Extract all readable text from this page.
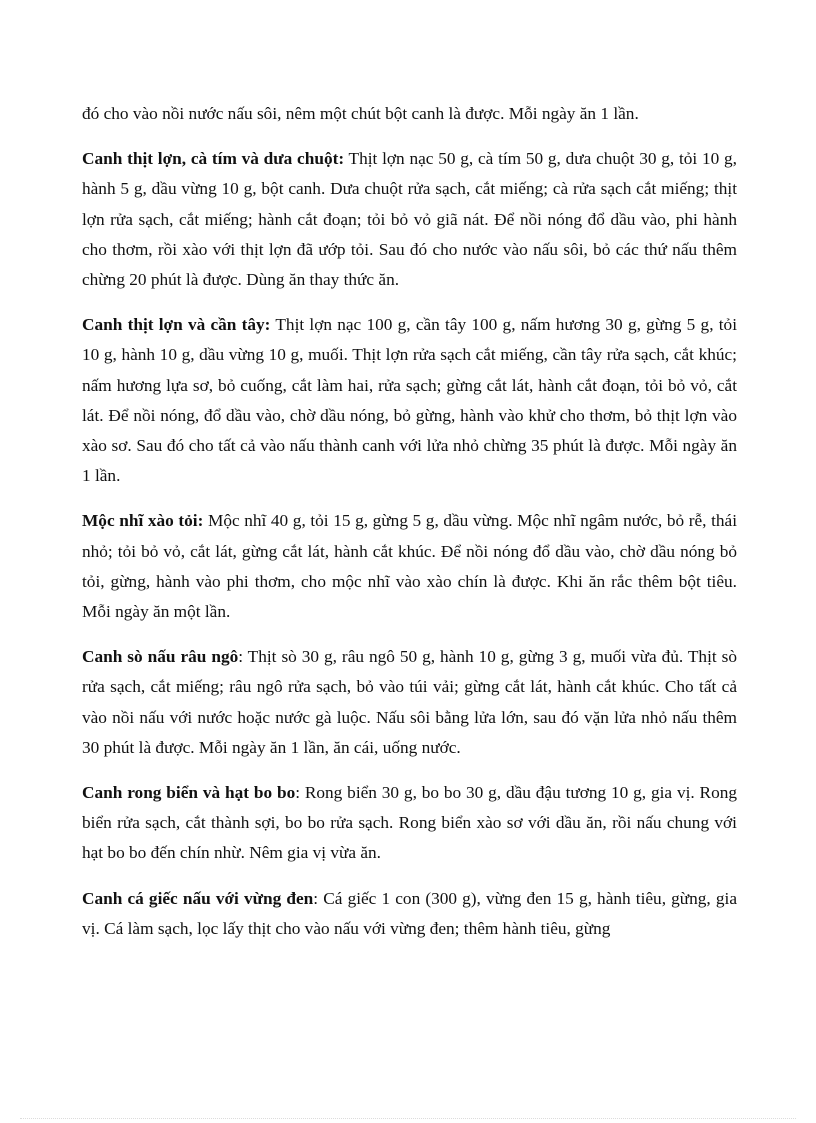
đó cho vào nồi nước nấu sôi, nêm một chút bột canh là được. Mỗi ngày ăn 1 lần.

Canh thịt lợn, cà tím và dưa chuột: Thịt lợn nạc 50 g, cà tím 50 g, dưa chuột 30 g, tỏi 10 g, hành 5 g, dầu vừng 10 g, bột canh. Dưa chuột rửa sạch, cắt miếng; cà rửa sạch cắt miếng; thịt lợn rửa sạch, cắt miếng; hành cắt đoạn; tỏi bỏ vỏ giã nát. Để nồi nóng đổ dầu vào, phi hành cho thơm, rồi xào với thịt lợn đã ướp tỏi. Sau đó cho nước vào nấu sôi, bỏ các thứ nấu thêm chừng 20 phút là được. Dùng ăn thay thức ăn.

Canh thịt lợn và cần tây: Thịt lợn nạc 100 g, cần tây 100 g, nấm hương 30 g, gừng 5 g, tỏi 10 g, hành 10 g, dầu vừng 10 g, muối. Thịt lợn rửa sạch cắt miếng, cần tây rửa sạch, cắt khúc; nấm hương lựa sơ, bỏ cuống, cắt làm hai, rửa sạch; gừng cắt lát, hành cắt đoạn, tỏi bỏ vỏ, cắt lát. Để nồi nóng, đổ dầu vào, chờ dầu nóng, bỏ gừng, hành vào khử cho thơm, bỏ thịt lợn vào xào sơ. Sau đó cho tất cả vào nấu thành canh với lửa nhỏ chừng 35 phút là được. Mỗi ngày ăn 1 lần.

Mộc nhĩ xào tỏi: Mộc nhĩ 40 g, tỏi 15 g, gừng 5 g, dầu vừng. Mộc nhĩ ngâm nước, bỏ rễ, thái nhỏ; tỏi bỏ vỏ, cắt lát, gừng cắt lát, hành cắt khúc. Để nồi nóng đổ dầu vào, chờ dầu nóng bỏ tỏi, gừng, hành vào phi thơm, cho mộc nhĩ vào xào chín là được. Khi ăn rắc thêm bột tiêu. Mỗi ngày ăn một lần.

Canh sò nấu râu ngô: Thịt sò 30 g, râu ngô 50 g, hành 10 g, gừng 3 g, muối vừa đủ. Thịt sò rửa sạch, cắt miếng; râu ngô rửa sạch, bỏ vào túi vải; gừng cắt lát, hành cắt khúc. Cho tất cả vào nồi nấu với nước hoặc nước gà luộc. Nấu sôi bằng lửa lớn, sau đó vặn lửa nhỏ nấu thêm 30 phút là được. Mỗi ngày ăn 1 lần, ăn cái, uống nước.

Canh rong biển và hạt bo bo: Rong biển 30 g, bo bo 30 g, dầu đậu tương 10 g, gia vị. Rong biển rửa sạch, cắt thành sợi, bo bo rửa sạch. Rong biển xào sơ với dầu ăn, rồi nấu chung với hạt bo bo đến chín nhừ. Nêm gia vị vừa ăn.

Canh cá giếc nấu với vừng đen: Cá giếc 1 con (300 g), vừng đen 15 g, hành tiêu, gừng, gia vị. Cá làm sạch, lọc lấy thịt cho vào nấu với vừng đen; thêm hành tiêu, gừng
